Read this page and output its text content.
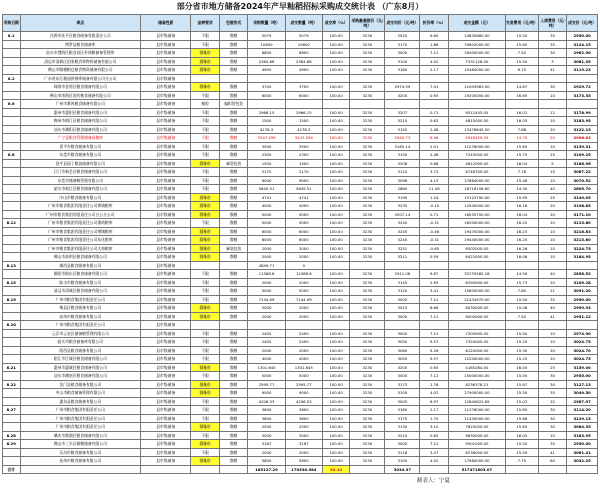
部分省市地方储备2024年产早籼稻招标采购成交统计表 （广东8月）
采购日期	库点	储备性质	品种要求	包装形式	采购数量（吨）	成交数量（吨）	成交率（%）	采购最高限价（元/吨）	成交均价（元/吨）	折价率（%）	成交金额（元）	交易费用（元/吨）	入库费用（元/吨）	成交价（元/吨）
8.1	河源市连平区粮食储备有限责任公司	县市级储备	不限	散粮	5079	5079	100.00	3230	2920	9.60	14830680.00	15.00	35	2950.00
	博罗县粮食储备库	县市级储备	不限	散粮	10600	10600	100.00	3230	3170	1.86	33602000.00	15.85	35	3124.15
	汕头市澄海区粮食局区外调粮储备管理所	县市级储备	圆籼粒	散粮	8800	8800	100.00	3230	3000	7.12	26400000.00	7.50	30	2962.50
	清远市清新区国家粮食和物资储备有限公司	县市级储备	圆籼粒	散粮	2364.88	2364.88	100.00	3230	3100	4.02	7331128.00	15.50	3	3081.35
	佛山市顺德粮仓粮食物资储备有限公司	县市级储备	圆籼粒	散粮	4900	4900	100.00	3230	3160	2.17	15484000.00	6.75	41	3119.23
8.2	广东省东江粮油供销库储备有限公司分公司	县市级储备												
	珠海市金湾区粮食储备有限公司	县市级储备	圆籼粒	散粮	3700	3700	100.00	3230	2974.59	7.91	11005983.00	14.87	30	2929.72
	佛山市南海区国有粮食储备有限公司	县市级储备	不限	散粮	6000	6000	100.00	3230	3200	0.93	19200000.00	16.65	10	3173.35
8.6	广州市番禺粮食储备有限公司	县市级储备	籼粒	编织袋包装										
	惠州市惠阳区粮食储备有限公司	县市级储备	不限	散粮	2966.15	2966.15	100.00	3230	3207	0.71	9512443.05	16.01	12	3178.99
	梅州市梅江区粮食储备有限公司	县市级储备	不限	散粮	1500	1500	100.00	3230	3210	0.62	4815000.00	16.05	10	3183.95
	汕头市潮阳区粮食储备有限公司	县市级储备	不限	散粮	4278.3	4278.3	100.00	3230	3150	2.48	13476645.00	7.88	20	3122.13
	广宁县粮食管理储备局粮库	县市级储备	不限	散粮	3247.299	3247.299	100.00	3230	2940.73	8.96	9549429.59	14.70	20	2906.03
	恩平市粮食储备有限公司	县市级储备	不限	散粮	3500	3500	100.00	3230	3165.14	2.01	11078000.00	15.83	10	3139.31
8.8	东莞市粮食储备有限公司	县市级储备	不限	散粮	2300	2300	100.00	3230	3150	2.48	7245000.00	15.75	25	3109.25
	饶平县园丁粮油储备有限公司	县市级储备	圆籼粒	麻袋包装	1500	1500	100.00	3230	3208	0.68	4812000.00	16.04	5	3186.96
	江门市新会区粮食储备有限公司	县市级储备	不限	散粮	2170	2170	100.00	3230	3110	3.72	6748700.00	7.78	15	3087.22
	东莞市储备粮管理有限公司	县市级储备	不限	散粮	9000	9000	100.00	3230	3096	4.15	27864000.00	15.48	10	3070.52
	韶关市曲江区粮食储备有限公司	县市级储备	不限	散粮	5845.51	5845.51	100.00	3230	2860	11.46	16718158.60	14.30	40	2805.70
	中山市粮食储备有限公司	县市级储备	圆籼粒	散粮	4741	4741	100.00	3230	3190	1.24	15123790.00	15.95	25	3149.05
	广州市粮食集团有限责任公司黄埔粮库	县市级储备	圆籼粒	散粮	4000	4000	100.00	3230	3235	-0.15	12940000.00	16.18	20	3198.83
	广州市粮食集团有限责任公司白云分公司	县市级储备	圆籼粒	散粮	5000	5000	100.00	3230	3207.14	0.71	16035700.00	16.04	20	3171.10
8.12	广州市粮食集团有限责任公司番禺粮库	县市级储备	不限	散粮	5000	5000	100.00	3230	3240	-0.31	16200000.00	16.20	10	3213.80
	广州市粮食集团有限责任公司增城粮库	县市级储备	圆籼粒	散粮	6000	6000	100.00	3230	3245	-0.46	19470000.00	16.23	10	3218.83
	广州市粮食集团有限责任公司从化粮库	县市级储备	圆籼粒	散粮	6000	6000	100.00	3230	3240	-0.31	19440000.00	16.20	10	3213.80
	广州市粮食集团有限责任公司太和粮库	县市级储备	圆籼粒	麻袋包装	2000	2000	100.00	3230	3251	-0.65	6502000.00	16.26	10	3224.75
	佛山市高明区粮食储备有限公司	县市级储备	圆籼粒	散粮	2000	2000	100.00	3230	3211	0.59	6422000.00	16.06	10	3184.95
8.13	揭西县粮食储备有限公司	县市级储备			4849.71	0								
	揭阳市揭东区粮食储备有限公司	县市级储备	不限	散粮	11588.6	11588.6	100.00	3230	2911.08	9.87	33735585.18	14.56	40	2856.52
8.15	陆丰市粮食储备有限公司	县市级储备	不限	散粮	2000	2000	100.00	3230	3145	2.63	6290000.00	15.73	20	3109.28
	清远市清城区粮食储备有限公司	县市级储备	不限	散粮	5000	5000	100.00	3230	3120	3.41	15600000.00	7.80	21	3091.20
8.19	广州市粮食集团有限责任公司	县市级储备	不限	散粮	7144.99	7144.99	100.00	3230	3000	7.12	21434970.00	15.00	35	2950.00
	梅县区粮食储备有限公司	县市级储备	圆籼粒	散粮	2000	2000	100.00	3230	3015	6.66	6030000.00	15.08	40	2959.93
	高州市粮食储备有限公司	县市级储备	圆籼粒	散粮	2000	2000	100.00	3230	3000	7.12	6000000.00	7.50	41	2951.12
8.20	广州市粮食集团有限责任公司	县市级储备												
	云浮市云安区储备粮管理有限公司	县市级储备	不限	散粮	2400	2400	100.00	3230	3000	7.12	7200000.00	15.00	10	2974.90
	韶关市粮食储备库有限公司	县市级储备	不限	散粮	2400	2400	100.00	3230	3050	5.57	7320000.00	15.25	10	3024.75
	阳西县粮食储备有限公司	县市级储备	不限	散粮	2000	2000	100.00	3230	3060	5.26	6120000.00	15.30	20	3024.70
	阳江市江城区粮食储备有限公司	县市级储备	不限	散粮	4000	4000	100.00	3230	3050	5.57	12200000.00	15.25	10	3024.75
8.21	惠州市惠城区粮食储备有限公司	县市级储备	圆籼粒	散粮	1301.645	1301.645	100.00	3230	3200	0.93	4165264.00	16.00	25	3159.00
	汕头市潮南区粮食储备有限公司	县市级储备	不限	散粮	5000	5000	100.00	3230	3000	7.12	15000000.00	15.00	30	2955.00
8.22	龙门县粮食储备有限公司	县市级储备	圆籼粒	散粮	2595.77	2595.77	100.00	3230	3173	1.76	8236378.21	15.87	30	3127.13
	中山市粮食储备管理有限公司	县市级储备	圆籼粒	散粮	9000	9000	100.00	3230	3100	4.02	27900000.00	15.50	35	3049.50
	惠东县粮食储备有限公司	县市级储备	不限	散粮	4206.53	4206.53	100.00	3230	3005	6.97	12640622.65	15.03	22	2967.97
8.27	广州市粮食集团有限责任公司	县市级储备	不限	散粮	3600	3600	100.00	3230	3160	2.17	11376000.00	15.80	30	3114.20
	广州市粮食集团有限责任公司	县市级储备	不限	散粮	3600	3600	100.00	3230	3175	1.70	11430000.00	15.88	30	3129.13
	广州市粮食集团有限责任公司	县市级储备	圆籼粒	散粮	2500	2500	100.00	3230	3130	3.10	7825000.00	15.65	30	3084.35
8.28	肇庆市鼎湖区粮食储备有限公司	县市级储备	不限	散粮	3000	3000	100.00	3230	3210	0.62	9630000.00	16.05	10	3183.95
8.29	佛山市三水区储粮储备有限公司	县市级储备	圆籼粒	散粮	3167	3167	100.00	3230	3000	7.12	9501000.00	15.00	35	2950.00
	乐昌市粮食储备有限公司	县市级储备	不限	散粮	2000	2000	100.00	3230	3118	3.47	6236000.00	15.59	41	3061.41
	连州市粮食储备有限公司	县市级储备	圆籼粒	散粮	5800	5800	100.00	3230	3100	4.02	17980000.00	7.75	60	3032.25
合计					185127.29	170536.584	92.12		3034.37		517471603.07			
制表人：宁夏
